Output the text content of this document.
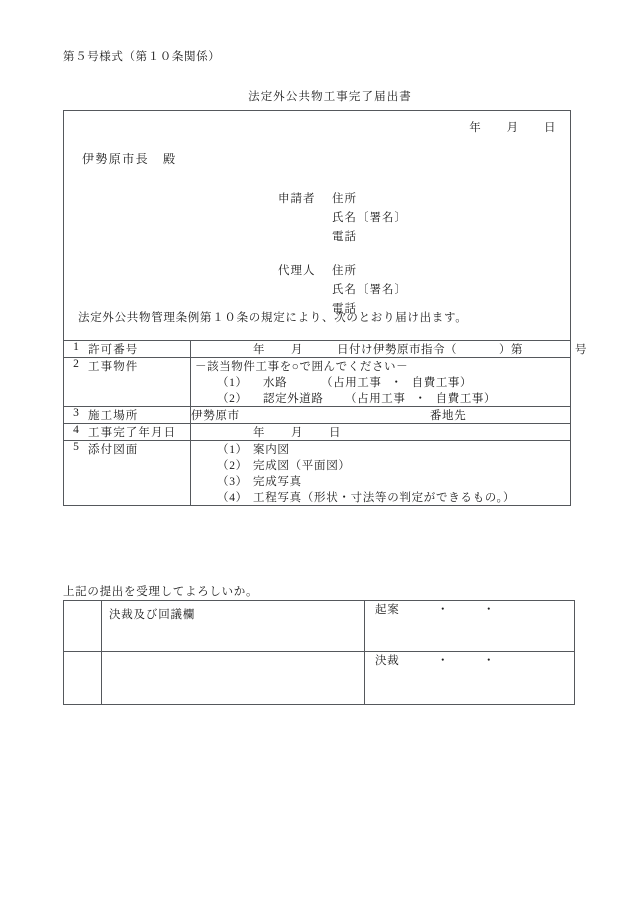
第５号様式（第１０条関係）
法定外公共物工事完了届出書
年 月 日
伊勢原市長 殿
申請者 住所
氏名〔署名〕
電話
代理人 住所
氏名〔署名〕
電話
法定外公共物管理条例第１０条の規定により、次のとおり届け出ます。
1	許可番号	年 月 日付け伊勢原市指令（ ）第 号

2	工事物件	－該当物件工事を○で囲んでください－
（1） 水路 （占用工事 ・ 自費工事）
（2） 認定外道路 （占用工事 ・ 自費工事）

3	施工場所	伊勢原市 番地先

4	工事完了年月日	年 月 日

5	添付図面	（1） 案内図
（2） 完成図（平面図）
（3） 完成写真
（4） 工程写真（形状・寸法等の判定ができるもの。）
上記の提出を受理してよろしいか。

	決裁及び回議欄	起案 ・ ・

		決裁 ・ ・
